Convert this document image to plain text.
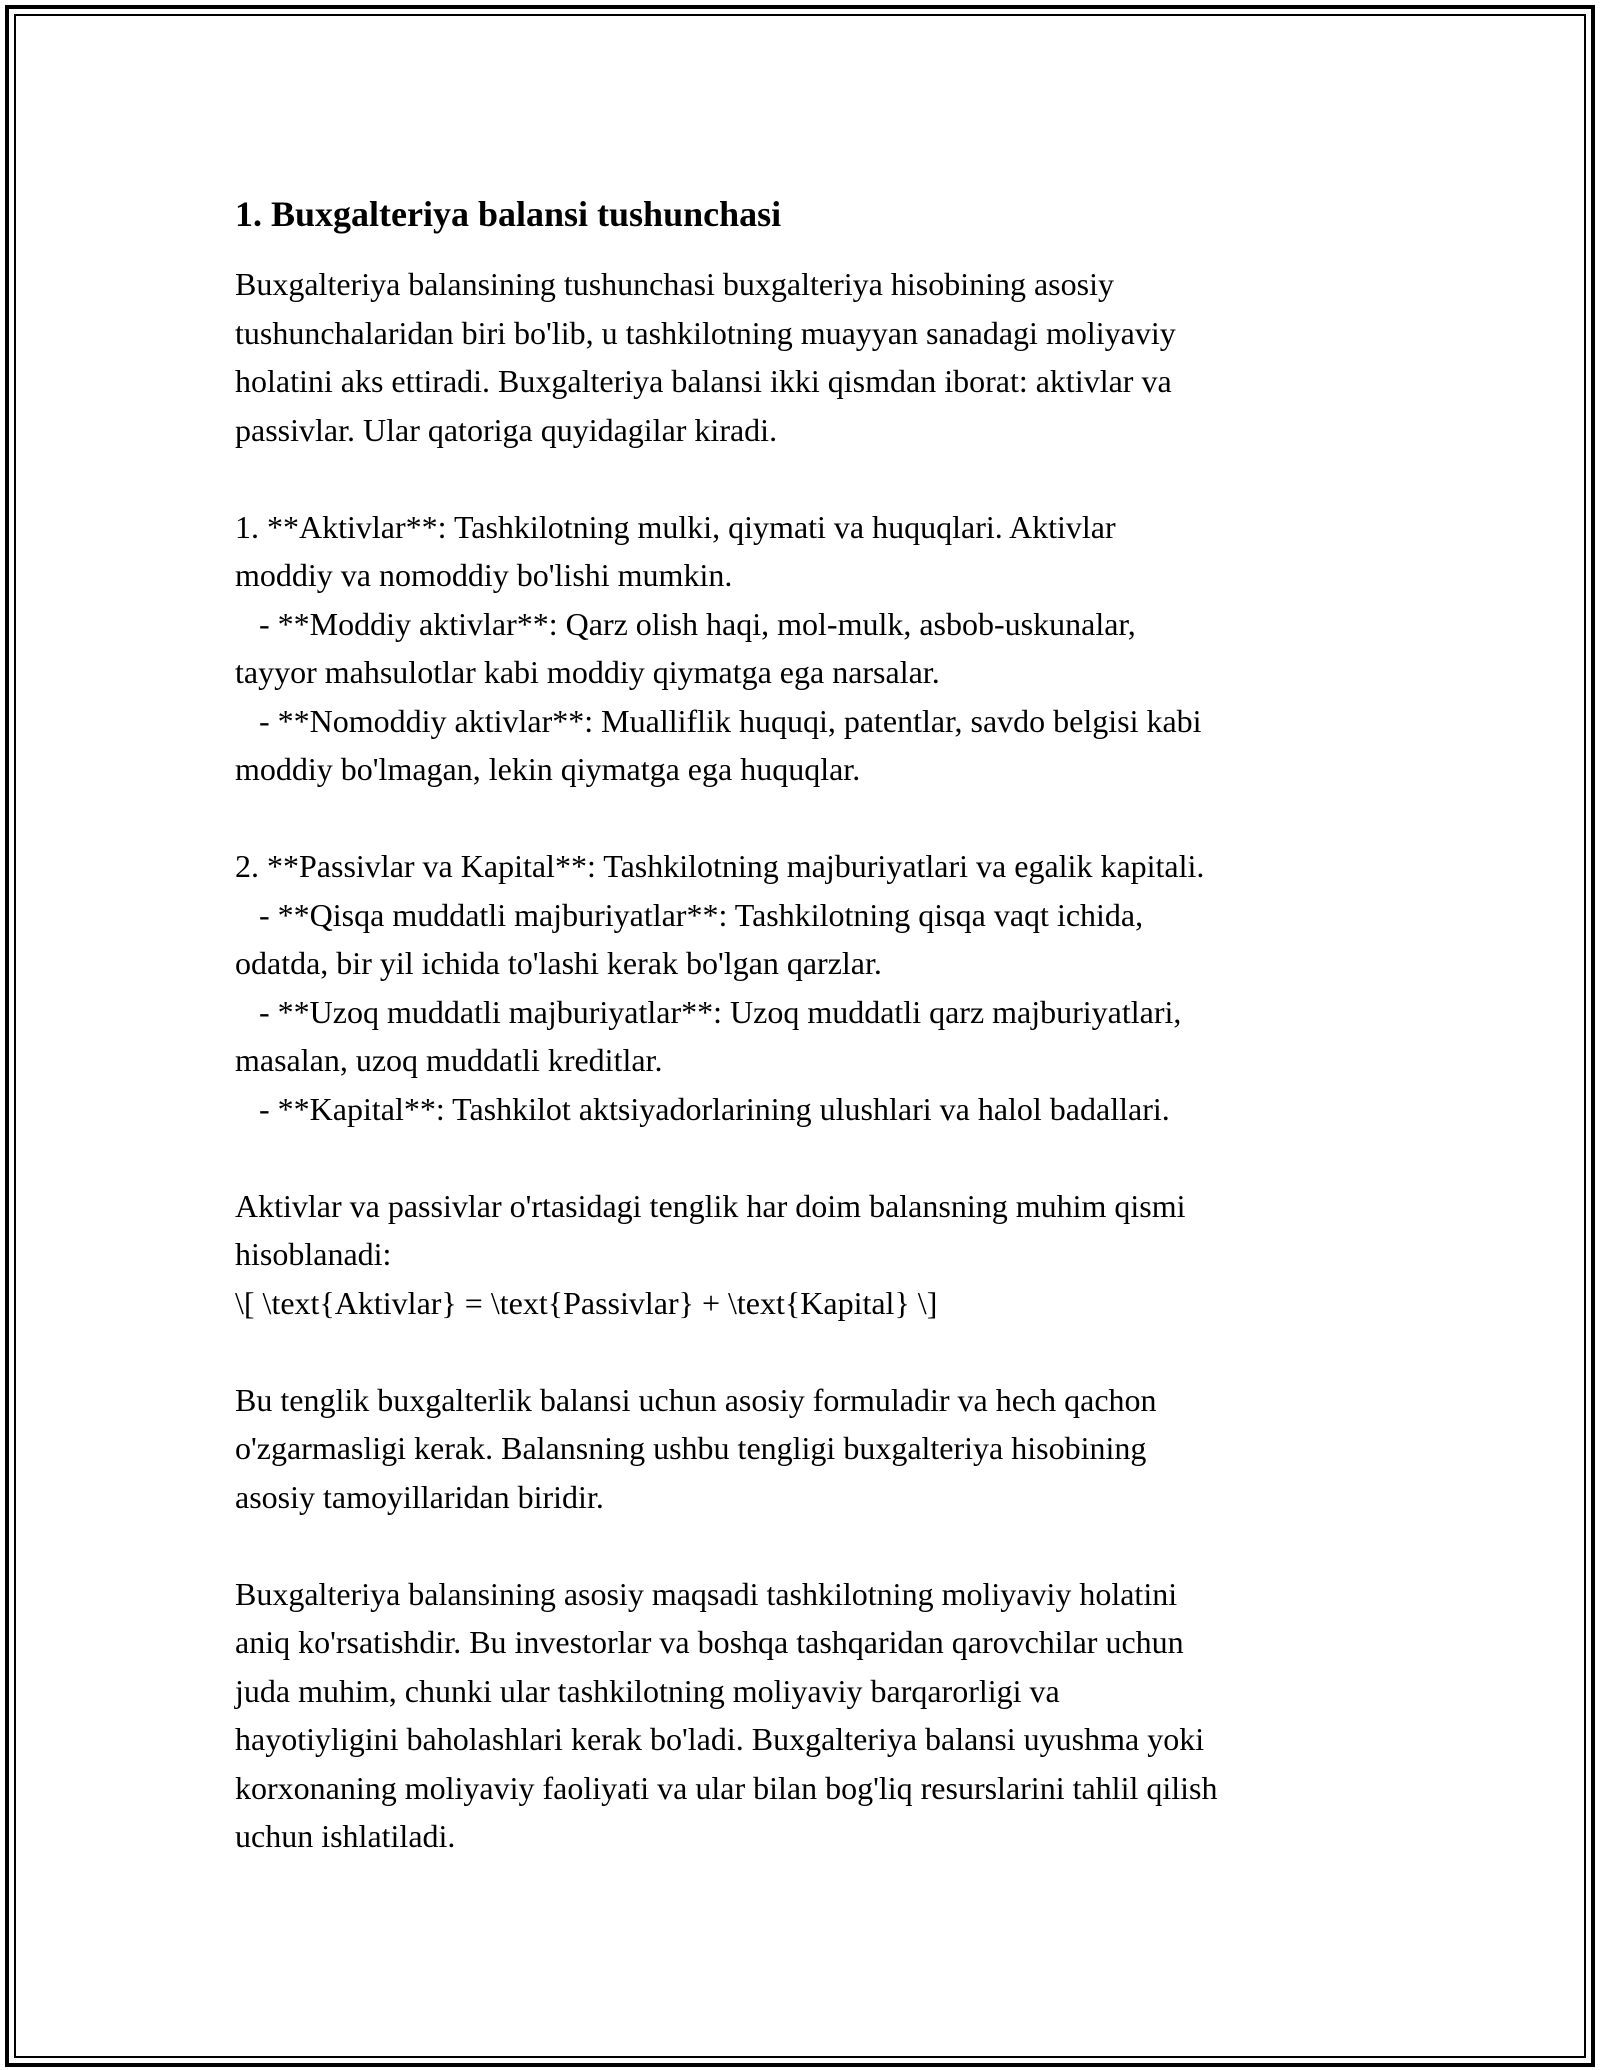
1. Buxgalteriya balansi tushunchasi
Buxgalteriya balansining tushunchasi buxgalteriya hisobining asosiy
tushunchalaridan biri bo'lib, u tashkilotning muayyan sanadagi moliyaviy
holatini aks ettiradi. Buxgalteriya balansi ikki qismdan iborat: aktivlar va
passivlar. Ular qatoriga quyidagilar kiradi.
1. **Aktivlar**: Tashkilotning mulki, qiymati va huquqlari. Aktivlar
moddiy va nomoddiy bo'lishi mumkin.
- **Moddiy aktivlar**: Qarz olish haqi, mol-mulk, asbob-uskunalar,
tayyor mahsulotlar kabi moddiy qiymatga ega narsalar.
- **Nomoddiy aktivlar**: Mualliflik huquqi, patentlar, savdo belgisi kabi
moddiy bo'lmagan, lekin qiymatga ega huquqlar.
2. **Passivlar va Kapital**: Tashkilotning majburiyatlari va egalik kapitali.
- **Qisqa muddatli majburiyatlar**: Tashkilotning qisqa vaqt ichida,
odatda, bir yil ichida to'lashi kerak bo'lgan qarzlar.
- **Uzoq muddatli majburiyatlar**: Uzoq muddatli qarz majburiyatlari,
masalan, uzoq muddatli kreditlar.
- **Kapital**: Tashkilot aktsiyadorlarining ulushlari va halol badallari.
Aktivlar va passivlar o'rtasidagi tenglik har doim balansning muhim qismi
hisoblanadi:
\[ \text{Aktivlar} = \text{Passivlar} + \text{Kapital} \]
Bu tenglik buxgalterlik balansi uchun asosiy formuladir va hech qachon
o'zgarmasligi kerak. Balansning ushbu tengligi buxgalteriya hisobining
asosiy tamoyillaridan biridir.
Buxgalteriya balansining asosiy maqsadi tashkilotning moliyaviy holatini
aniq ko'rsatishdir. Bu investorlar va boshqa tashqaridan qarovchilar uchun
juda muhim, chunki ular tashkilotning moliyaviy barqarorligi va
hayotiyligini baholashlari kerak bo'ladi. Buxgalteriya balansi uyushma yoki
korxonaning moliyaviy faoliyati va ular bilan bog'liq resurslarini tahlil qilish
uchun ishlatiladi.
